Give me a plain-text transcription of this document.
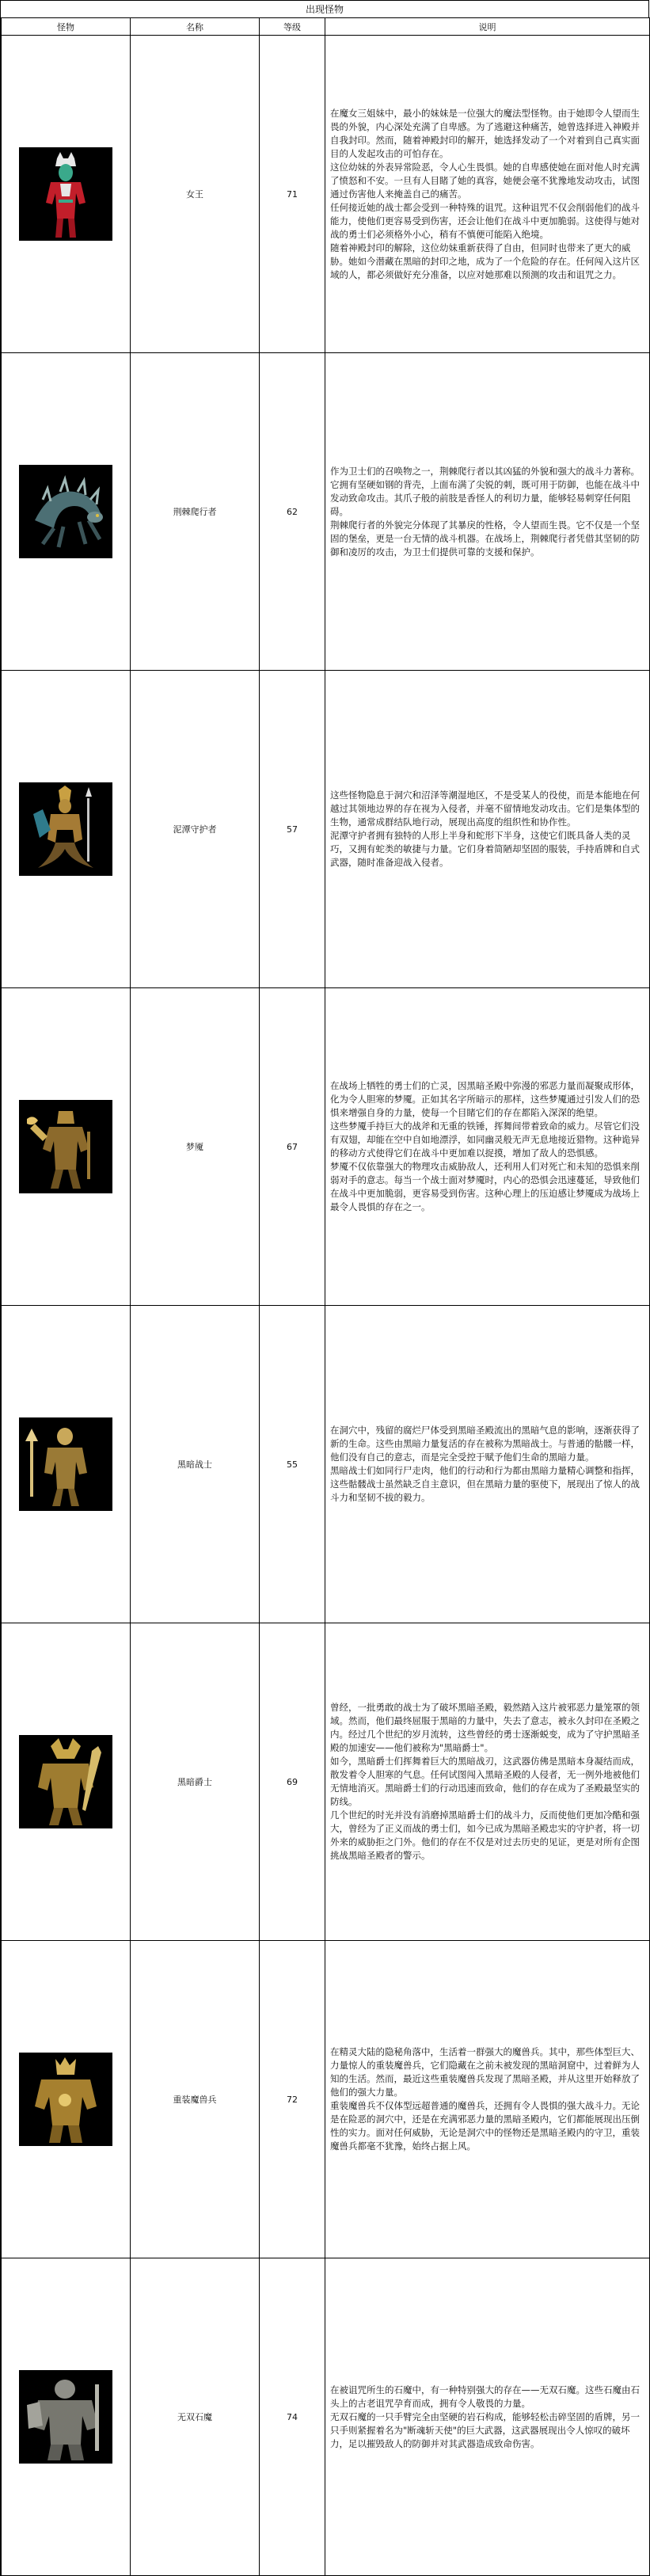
出现怪物
怪物	名称	等级	说明

	女王	71	在魔女三姐妹中，最小的妹妹是一位强大的魔法型怪物。由于她即令人望而生畏的外貌，内心深处充满了自卑感。为了逃避这种痛苦，她曾选择进入神殿并自我封印。然而，随着神殿封印的解开，她选择发动了一个对着到自己真实面目的人发起攻击的可怕存在。

这位幼妹的外表异常险恶，令人心生畏惧。她的自卑感使她在面对他人时充满了愤怒和不安。一旦有人目睹了她的真容，她便会毫不犹豫地发动攻击，试图通过伤害他人来掩盖自己的痛苦。

任何接近她的战士都会受到一种特殊的诅咒。这种诅咒不仅会削弱他们的战斗能力，使他们更容易受到伤害，还会让他们在战斗中更加脆弱。这使得与她对战的勇士们必须格外小心，稍有不慎便可能陷入绝境。

随着神殿封印的解除，这位幼妹重新获得了自由，但同时也带来了更大的威胁。她如今潜藏在黑暗的封印之地，成为了一个危险的存在。任何闯入这片区域的人，都必须做好充分准备，以应对她那难以预测的攻击和诅咒之力。

	荆棘爬行者	62	作为卫士们的召唤物之一，荆棘爬行者以其凶猛的外貌和强大的战斗力著称。它拥有坚硬如钢的背壳，上面布满了尖锐的刺，既可用于防御，也能在战斗中发动致命攻击。其爪子般的前肢是香怪人的利切力量，能够轻易刺穿任何阻碍。

荆棘爬行者的外貌完分体现了其暴戾的性格，令人望而生畏。它不仅是一个坚固的堡垒，更是一台无情的战斗机器。在战场上，荆棘爬行者凭借其坚韧的防御和凌厉的攻击，为卫士们提供可靠的支援和保护。

	泥潭守护者	57	这些怪物隐息于洞穴和沼泽等潮湿地区，不是受某人的役使，而是本能地在何越过其领地边界的存在视为入侵者，并毫不留情地发动攻击。它们是集体型的生物，通常成群结队地行动，展现出高度的组织性和协作性。

泥潭守护者拥有独特的人形上半身和蛇形下半身，这使它们既具备人类的灵巧，又拥有蛇类的敏捷与力量。它们身着简陋却坚固的服装，手持盾牌和自式武器，随时准备迎战入侵者。

	梦魇	67	在战场上牺牲的勇士们的亡灵，因黑暗圣殿中弥漫的邪恶力量而凝聚成形体，化为令人胆寒的梦魇。正如其名字所暗示的那样，这些梦魇通过引发人们的恐惧来增强自身的力量，使每一个目睹它们的存在都陷入深深的绝望。

这些梦魇手持巨大的战斧和无重的铁锤，挥舞间带着致命的威力。尽管它们没有双翅，却能在空中自如地漂浮，如同幽灵般无声无息地接近猎物。这种诡异的移动方式使得它们在战斗中更加难以捉摸，增加了敌人的恐惧感。

梦魇不仅依靠强大的物理攻击威胁敌人，还利用人们对死亡和未知的恐惧来削弱对手的意志。每当一个战士面对梦魇时，内心的恐惧会迅速蔓延，导致他们在战斗中更加脆弱，更容易受到伤害。这种心理上的压迫感让梦魇成为战场上最令人畏惧的存在之一。

	黑暗战士	55	在洞穴中，残留的腐烂尸体受到黑暗圣殿流出的黑暗气息的影响，逐渐获得了新的生命。这些由黑暗力量复活的存在被称为黑暗战士。与普通的骷髅一样，他们没有自己的意志，而是完全受控于赋予他们生命的黑暗力量。

黑暗战士们如同行尸走肉，他们的行动和行为都由黑暗力量精心调整和指挥，这些骷髅战士虽然缺乏自主意识，但在黑暗力量的驱使下，展现出了惊人的战斗力和坚韧不拔的毅力。

	黑暗爵士	69	曾经，一批勇敢的战士为了破坏黑暗圣殿，毅然踏入这片被邪恶力量笼罩的领域。然而，他们最终屈服于黑暗的力量中，失去了意志，被永久封印在圣殿之内。经过几个世纪的岁月流转，这些曾经的勇士逐渐蜕变，成为了守护黑暗圣殿的加速安——他们被称为"黑暗爵士"。

如今，黑暗爵士们挥舞着巨大的黑暗战刃，这武器仿佛是黑暗本身凝结而成，散发着令人胆寒的气息。任何试图闯入黑暗圣殿的人侵者，无一例外地被他们无情地消灭。黑暗爵士们的行动迅速而致命，他们的存在成为了圣殿最坚实的防线。

几个世纪的时光并没有消磨掉黑暗爵士们的战斗力，反而使他们更加冷酷和强大，曾经为了正义而战的勇士们，如今已成为黑暗圣殿忠实的守护者，将一切外来的威胁拒之门外。他们的存在不仅是对过去历史的见证，更是对所有企图挑战黑暗圣殿者的警示。

	重装魔兽兵	72	在精灵大陆的隐秘角落中，生活着一群强大的魔兽兵。其中，那些体型巨大、力量惊人的重装魔兽兵，它们隐藏在之前未被发现的黑暗洞窟中，过着鲜为人知的生活。然而，最近这些重装魔兽兵发现了黑暗圣殿，并从这里开始释放了他们的强大力量。

重装魔兽兵不仅体型远超普通的魔兽兵，还拥有令人畏惧的强大战斗力。无论是在险恶的洞穴中，还是在充满邪恶力量的黑暗圣殿内，它们都能展现出压倒性的实力。面对任何威胁，无论是洞穴中的怪物还是黑暗圣殿内的守卫，重装魔兽兵都毫不犹豫，始终占据上风。

	无双石魔	74	在被诅咒所生的石魔中，有一种特别强大的存在——无双石魔。这些石魔由石头上的古老诅咒孕育而成，拥有令人敬畏的力量。

无双石魔的一只手臂完全由坚硬的岩石构成，能够轻松击碎坚固的盾牌，另一只手则紧握着名为"断魂斩天使"的巨大武器，这武器展现出令人惊叹的破坏力，足以摧毁敌人的防御并对其武器造成致命伤害。
